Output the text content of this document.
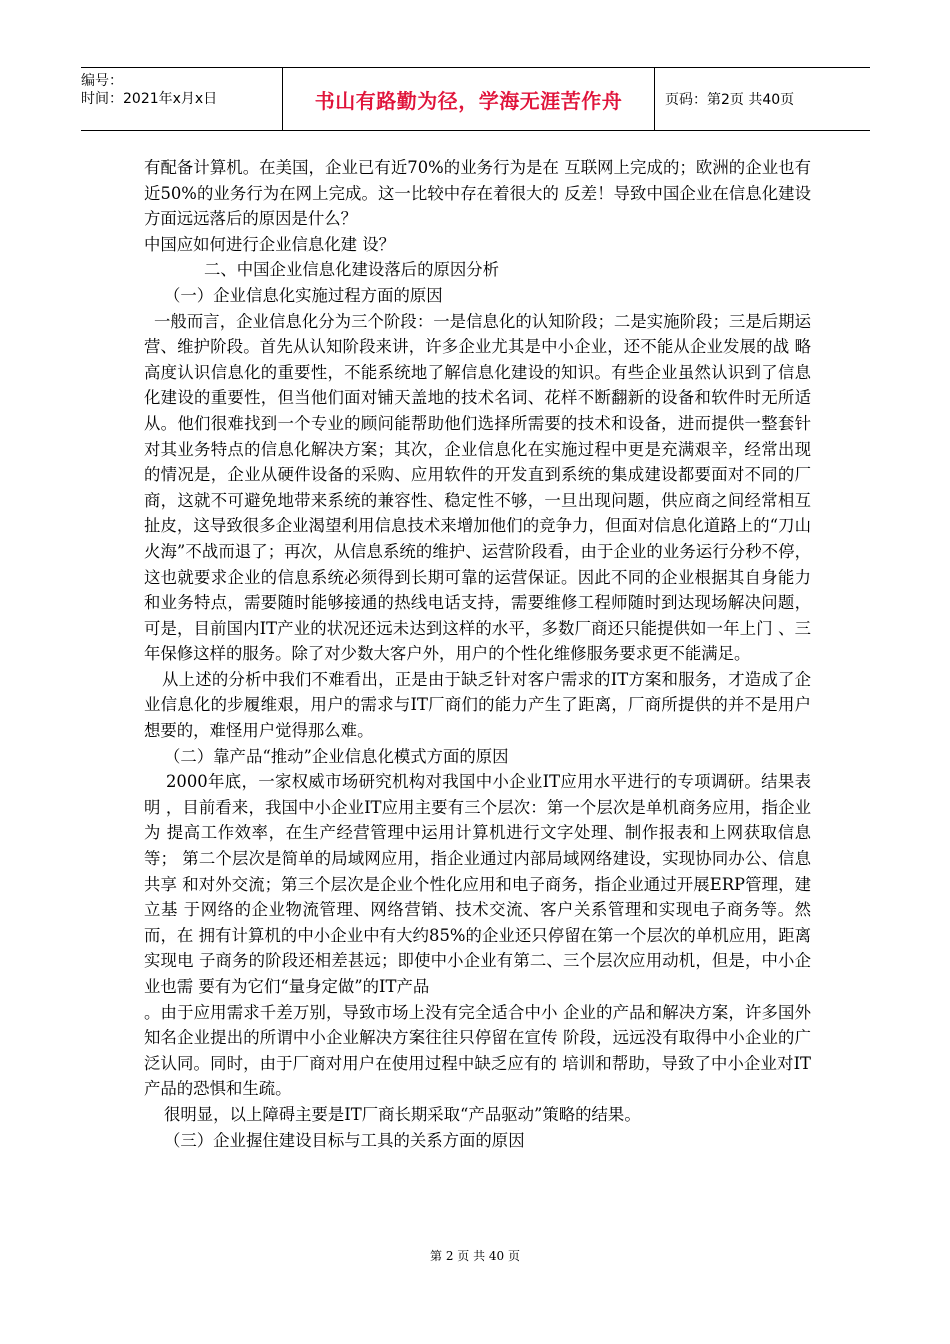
编号：
时间：2021年x月x日	书山有路勤为径，学海无涯苦作舟	页码：第2页 共40页

有配备计算机。在美国，企业已有近70%的业务行为是在 互联网上完成的；欧洲的企业也有近50%的业务行为在网上完成。这一比较中存在着很大的 反差！导致中国企业在信息化建设方面远远落后的原因是什么？

中国应如何进行企业信息化建 设？

二、中国企业信息化建设落后的原因分析

（一）企业信息化实施过程方面的原因

一般而言，企业信息化分为三个阶段：一是信息化的认知阶段；二是实施阶段；三是后期运营、维护阶段。首先从认知阶段来讲，许多企业尤其是中小企业，还不能从企业发展的战 略高度认识信息化的重要性，不能系统地了解信息化建设的知识。有些企业虽然认识到了信息化建设的重要性，但当他们面对铺天盖地的技术名词、花样不断翻新的设备和软件时无所适从。他们很难找到一个专业的顾问能帮助他们选择所需要的技术和设备，进而提供一整套针对其业务特点的信息化解决方案；其次，企业信息化在实施过程中更是充满艰辛，经常出现的情况是，企业从硬件设备的采购、应用软件的开发直到系统的集成建设都要面对不同的厂商，这就不可避免地带来系统的兼容性、稳定性不够，一旦出现问题，供应商之间经常相互扯皮，这导致很多企业渴望利用信息技术来增加他们的竞争力，但面对信息化道路上的“刀山火海”不战而退了；再次，从信息系统的维护、运营阶段看，由于企业的业务运行分秒不停，这也就要求企业的信息系统必须得到长期可靠的运营保证。因此不同的企业根据其自身能力和业务特点，需要随时能够接通的热线电话支持，需要维修工程师随时到达现场解决问题，可是，目前国内IT产业的状况还远未达到这样的水平，多数厂商还只能提供如一年上门 、三年保修这样的服务。除了对少数大客户外，用户的个性化维修服务要求更不能满足。

从上述的分析中我们不难看出，正是由于缺乏针对客户需求的IT方案和服务，才造成了企业信息化的步履维艰，用户的需求与IT厂商们的能力产生了距离，厂商所提供的并不是用户 想要的，难怪用户觉得那么难。

（二）靠产品“推动”企业信息化模式方面的原因

2000年底，一家权威市场研究机构对我国中小企业IT应用水平进行的专项调研。结果表明 ，目前看来，我国中小企业IT应用主要有三个层次：第一个层次是单机商务应用，指企业为 提高工作效率，在生产经营管理中运用计算机进行文字处理、制作报表和上网获取信息等； 第二个层次是简单的局域网应用，指企业通过内部局域网络建设，实现协同办公、信息共享 和对外交流；第三个层次是企业个性化应用和电子商务，指企业通过开展ERP管理，建立基 于网络的企业物流管理、网络营销、技术交流、客户关系管理和实现电子商务等。然而，在 拥有计算机的中小企业中有大约85%的企业还只停留在第一个层次的单机应用，距离实现电 子商务的阶段还相差甚远；即使中小企业有第二、三个层次应用动机，但是，中小企业也需 要有为它们“量身定做”的IT产品

。由于应用需求千差万别，导致市场上没有完全适合中小 企业的产品和解决方案，许多国外知名企业提出的所谓中小企业解决方案往往只停留在宣传 阶段，远远没有取得中小企业的广泛认同。同时，由于厂商对用户在使用过程中缺乏应有的 培训和帮助，导致了中小企业对IT产品的恐惧和生疏。

很明显，以上障碍主要是IT厂商长期采取“产品驱动”策略的结果。

（三）企业握住建设目标与工具的关系方面的原因

第 2 页 共 40 页
